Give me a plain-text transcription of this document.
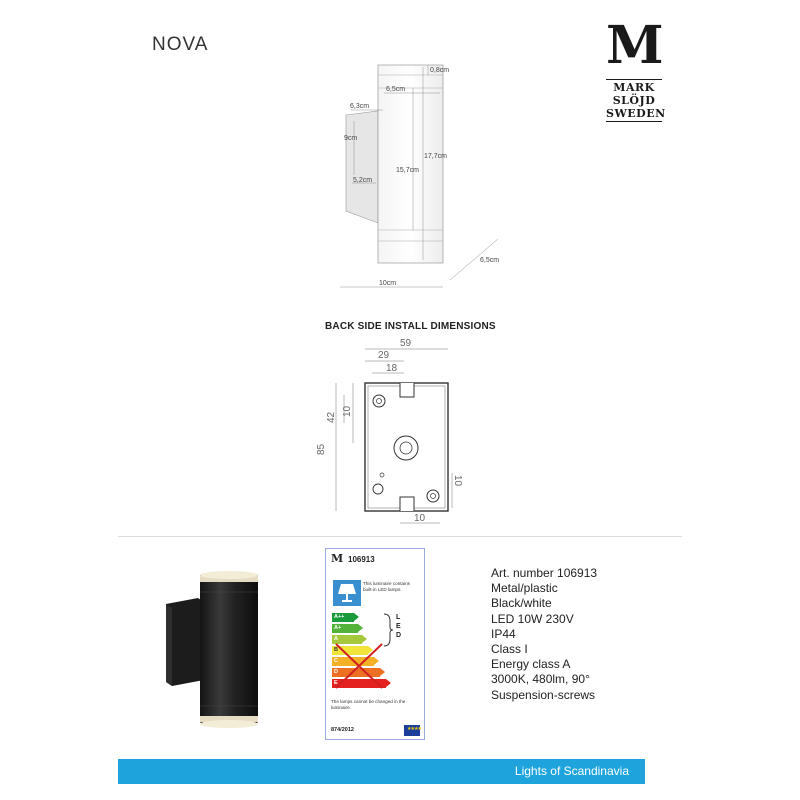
NOVA	M
MARK
SLÖJD
SWEDEN
0,8cm
6,5cm
6,3cm
9cm
15,7cm
17,7cm
5,2cm
6,5cm
10cm
BACK SIDE INSTALL DIMENSIONS
59
29
18
42
10
85
10
10
M 106913
This luminaire contains built-in LED lamps.
A++
A+
A
B
C
D
E
LED
The lamps cannot be changed in the luminaire.
874/2012	★★★★
Art. number 106913
Metal/plastic
Black/white
LED 10W 230V
IP44
Class I
Energy class A
3000K, 480lm, 90°
Suspension-screws
Lights of Scandinavia
